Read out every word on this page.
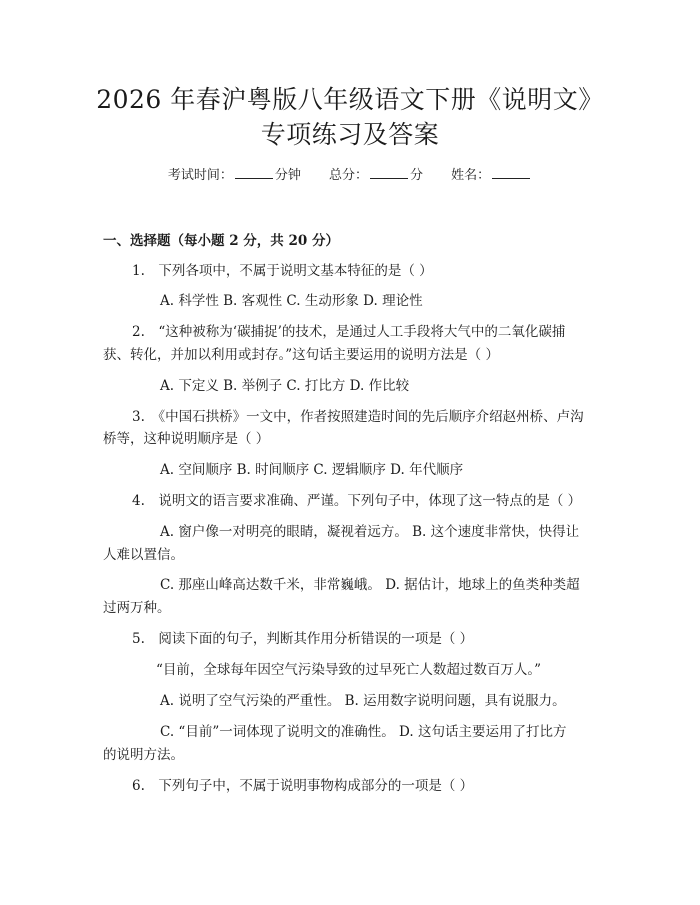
2026 年春沪粤版八年级语文下册《说明文》
专项练习及答案
考试时间：	分钟 总分：	分 姓名：
一、选择题（每小题 2 分，共 20 分）
1.　下列各项中，不属于说明文基本特征的是（ ）
A. 科学性 B. 客观性 C. 生动形象 D. 理论性
2.　“这种被称为‘碳捕捉’的技术，是通过人工手段将大气中的二氧化碳捕
获、转化，并加以利用或封存。”这句话主要运用的说明方法是（ ）
A. 下定义 B. 举例子 C. 打比方 D. 作比较
3.　《中国石拱桥》一文中，作者按照建造时间的先后顺序介绍赵州桥、卢沟
桥等，这种说明顺序是（ ）
A. 空间顺序 B. 时间顺序 C. 逻辑顺序 D. 年代顺序
4.　说明文的语言要求准确、严谨。下列句子中，体现了这一特点的是（ ）
A. 窗户像一对明亮的眼睛，凝视着远方。 B. 这个速度非常快，快得让
人难以置信。
C. 那座山峰高达数千米，非常巍峨。 D. 据估计，地球上的鱼类种类超
过两万种。
5.　阅读下面的句子，判断其作用分析错误的一项是（ ）
“目前，全球每年因空气污染导致的过早死亡人数超过数百万人。”
A. 说明了空气污染的严重性。 B. 运用数字说明问题，具有说服力。
C. “目前”一词体现了说明文的准确性。 D. 这句话主要运用了打比方
的说明方法。
6.　下列句子中，不属于说明事物构成部分的一项是（ ）
